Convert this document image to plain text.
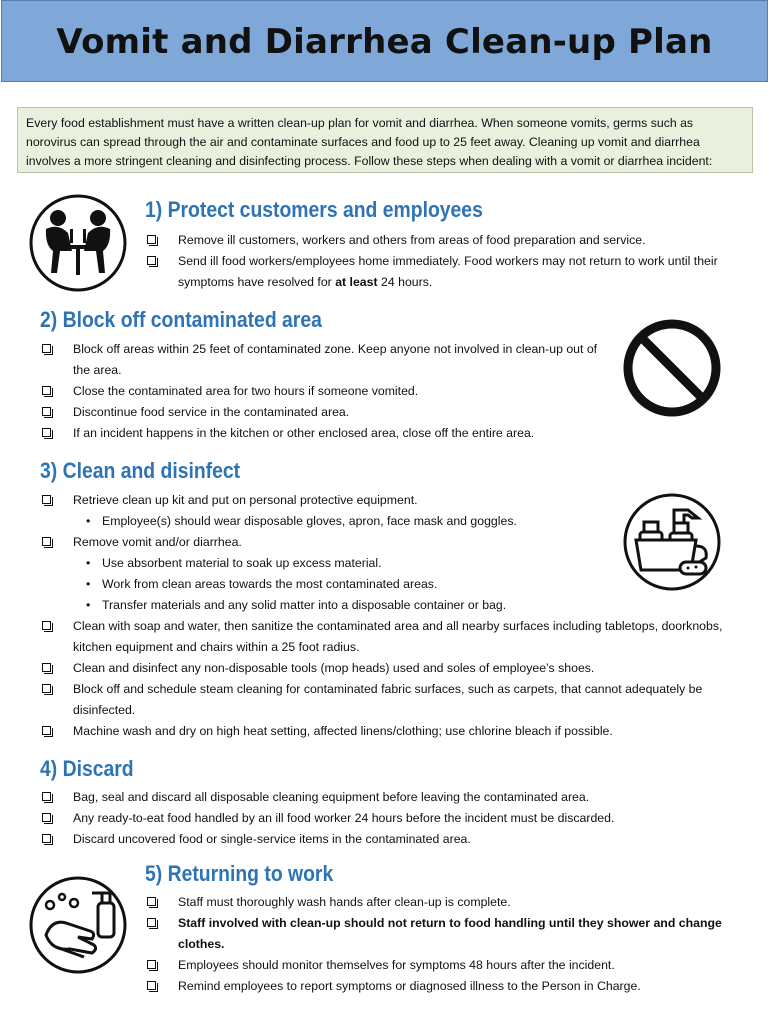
Vomit and Diarrhea Clean-up Plan
Every food establishment must have a written clean-up plan for vomit and diarrhea. When someone vomits, germs such as norovirus can spread through the air and contaminate surfaces and food up to 25 feet away. Cleaning up vomit and diarrhea involves a more stringent cleaning and disinfecting process. Follow these steps when dealing with a vomit or diarrhea incident:
1) Protect customers and employees
Remove ill customers, workers and others from areas of food preparation and service.
Send ill food workers/employees home immediately. Food workers may not return to work until their symptoms have resolved for at least 24 hours.
2) Block off contaminated area
Block off areas within 25 feet of contaminated zone. Keep anyone not involved in clean-up out of the area.
Close the contaminated area for two hours if someone vomited.
Discontinue food service in the contaminated area.
If an incident happens in the kitchen or other enclosed area, close off the entire area.
3) Clean and disinfect
Retrieve clean up kit and put on personal protective equipment.
• Employee(s) should wear disposable gloves, apron, face mask and goggles.
Remove vomit and/or diarrhea.
• Use absorbent material to soak up excess material.
• Work from clean areas towards the most contaminated areas.
• Transfer materials and any solid matter into a disposable container or bag.
Clean with soap and water, then sanitize the contaminated area and all nearby surfaces including tabletops, doorknobs, kitchen equipment and chairs within a 25 foot radius.
Clean and disinfect any non-disposable tools (mop heads) used and soles of employee’s shoes.
Block off and schedule steam cleaning for contaminated fabric surfaces, such as carpets, that cannot adequately be disinfected.
Machine wash and dry on high heat setting, affected linens/clothing; use chlorine bleach if possible.
4) Discard
Bag, seal and discard all disposable cleaning equipment before leaving the contaminated area.
Any ready-to-eat food handled by an ill food worker 24 hours before the incident must be discarded.
Discard uncovered food or single-service items in the contaminated area.
5) Returning to work
Staff must thoroughly wash hands after clean-up is complete.
Staff involved with clean-up should not return to food handling until they shower and change clothes.
Employees should monitor themselves for symptoms 48 hours after the incident.
Remind employees to report symptoms or diagnosed illness to the Person in Charge.
